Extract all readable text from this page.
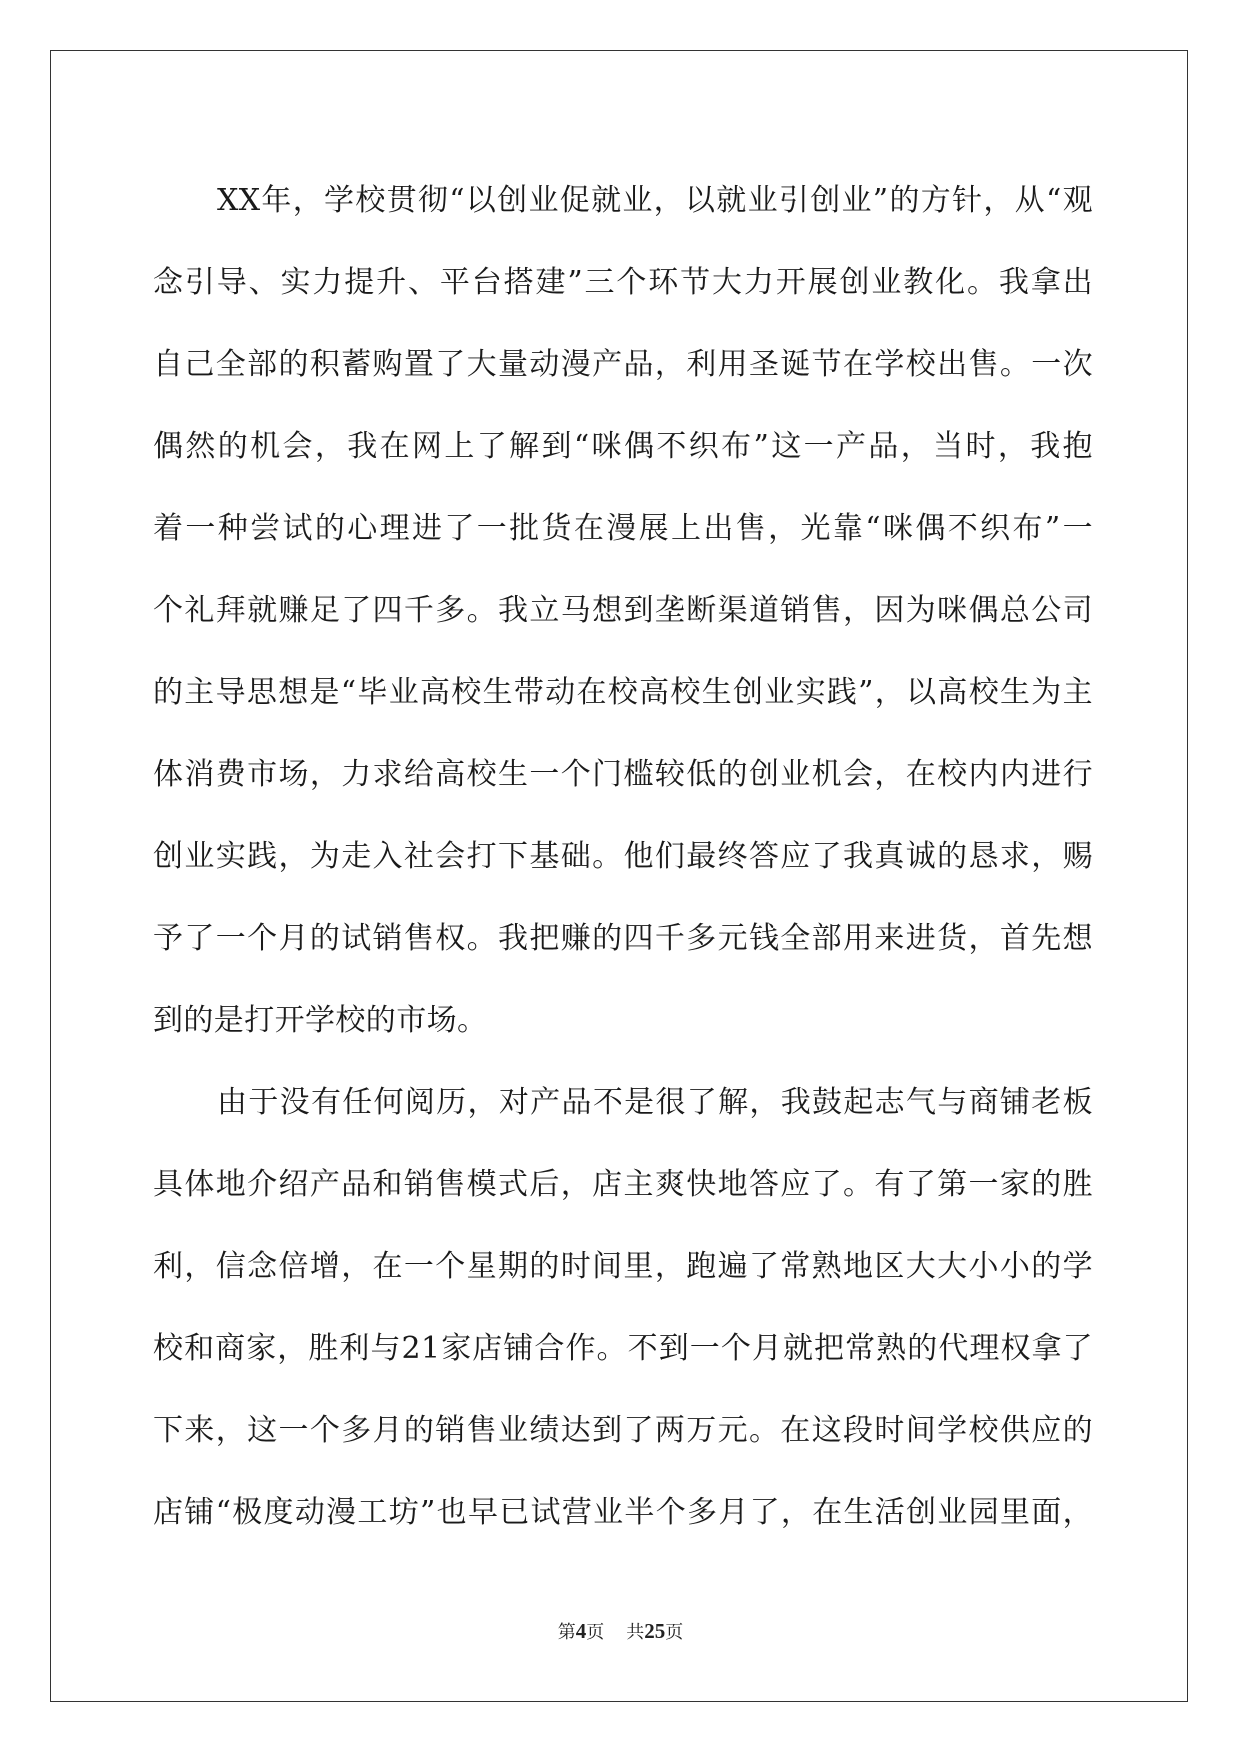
XX年，学校贯彻“以创业促就业，以就业引创业”的方针，从“观
念引导、实力提升、平台搭建”三个环节大力开展创业教化。我拿出
自己全部的积蓄购置了大量动漫产品，利用圣诞节在学校出售。一次
偶然的机会，我在网上了解到“咪偶不织布”这一产品，当时，我抱
着一种尝试的心理进了一批货在漫展上出售，光靠“咪偶不织布”一
个礼拜就赚足了四千多。我立马想到垄断渠道销售，因为咪偶总公司
的主导思想是“毕业高校生带动在校高校生创业实践”，以高校生为主
体消费市场，力求给高校生一个门槛较低的创业机会，在校内内进行
创业实践，为走入社会打下基础。他们最终答应了我真诚的恳求，赐
予了一个月的试销售权。我把赚的四千多元钱全部用来进货，首先想
到的是打开学校的市场。
由于没有任何阅历，对产品不是很了解，我鼓起志气与商铺老板
具体地介绍产品和销售模式后，店主爽快地答应了。有了第一家的胜
利，信念倍增，在一个星期的时间里，跑遍了常熟地区大大小小的学
校和商家，胜利与21家店铺合作。不到一个月就把常熟的代理权拿了
下来，这一个多月的销售业绩达到了两万元。在这段时间学校供应的
店铺“极度动漫工坊”也早已试营业半个多月了，在生活创业园里面，
第4页 共25页
